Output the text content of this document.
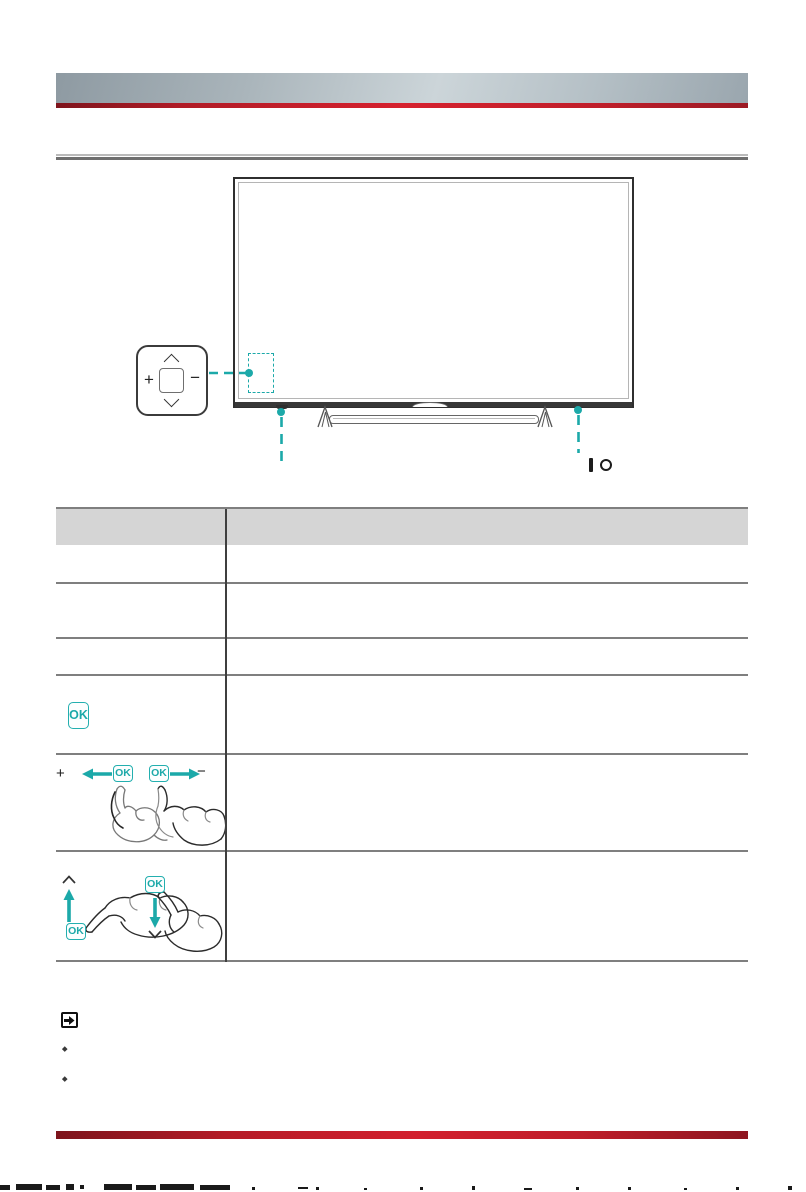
+ −
OK
+	−
OK OK
OK
OK
